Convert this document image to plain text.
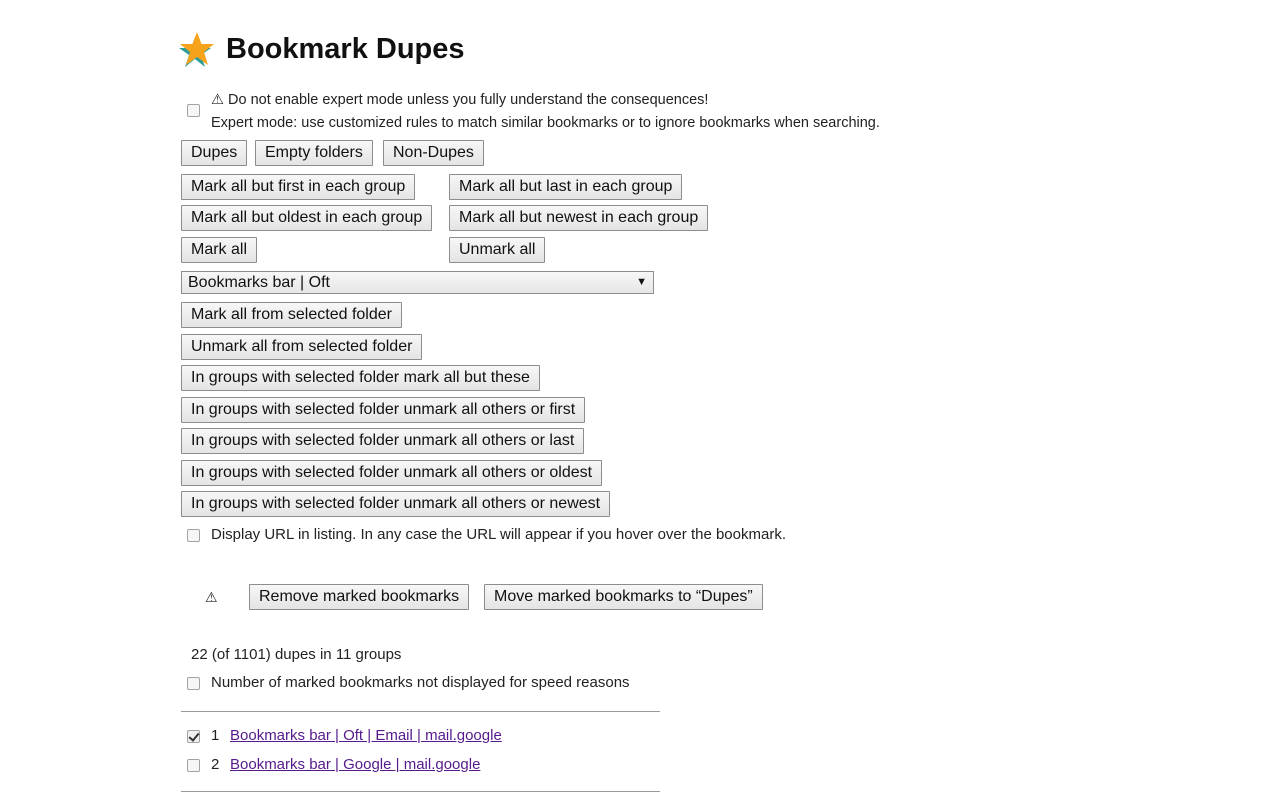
Bookmark Dupes
⚠ Do not enable expert mode unless you fully understand the consequences!
Expert mode: use customized rules to match similar bookmarks or to ignore bookmarks when searching.
Dupes	Empty folders	Non-Dupes
Mark all but first in each group	Mark all but last in each group
Mark all but oldest in each group	Mark all but newest in each group
Mark all	Unmark all
Bookmarks bar | Oft	▼
Mark all from selected folder
Unmark all from selected folder
In groups with selected folder mark all but these
In groups with selected folder unmark all others or first
In groups with selected folder unmark all others or last
In groups with selected folder unmark all others or oldest
In groups with selected folder unmark all others or newest
Display URL in listing. In any case the URL will appear if you hover over the bookmark.
⚠	Remove marked bookmarks	Move marked bookmarks to “Dupes”
22 (of 1101) dupes in 11 groups
Number of marked bookmarks not displayed for speed reasons
1 Bookmarks bar | Oft | Email | mail.google
2 Bookmarks bar | Google | mail.google
